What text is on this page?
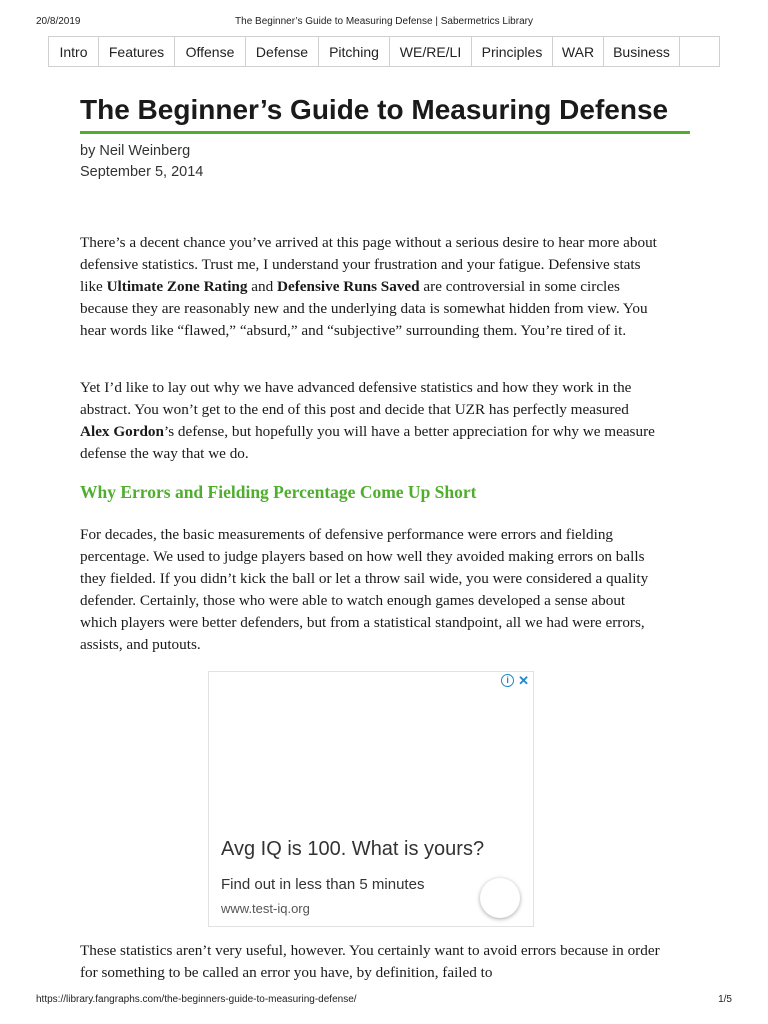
20/8/2019	The Beginner’s Guide to Measuring Defense | Sabermetrics Library
Intro	Features	Offense	Defense	Pitching	WE/RE/LI	Principles	WAR	Business
The Beginner’s Guide to Measuring Defense
by Neil Weinberg
September 5, 2014

There’s a decent chance you’ve arrived at this page without a serious desire to hear more about defensive statistics. Trust me, I understand your frustration and your fatigue. Defensive stats like Ultimate Zone Rating and Defensive Runs Saved are controversial in some circles because they are reasonably new and the underlying data is somewhat hidden from view. You hear words like “flawed,” “absurd,” and “subjective” surrounding them. You’re tired of it.

Yet I’d like to lay out why we have advanced defensive statistics and how they work in the abstract. You won’t get to the end of this post and decide that UZR has perfectly measured Alex Gordon’s defense, but hopefully you will have a better appreciation for why we measure defense the way that we do.

Why Errors and Fielding Percentage Come Up Short

For decades, the basic measurements of defensive performance were errors and fielding percentage. We used to judge players based on how well they avoided making errors on balls they fielded. If you didn’t kick the ball or let a throw sail wide, you were considered a quality defender. Certainly, those who were able to watch enough games developed a sense about which players were better defenders, but from a statistical standpoint, all we had were errors, assists, and putouts.

These statistics aren’t very useful, however. You certainly want to avoid errors because in order for something to be called an error you have, by definition, failed to

i ✕
Avg IQ is 100. What is yours?
Find out in less than 5 minutes
www.test-iq.org
https://library.fangraphs.com/the-beginners-guide-to-measuring-defense/	1/5
